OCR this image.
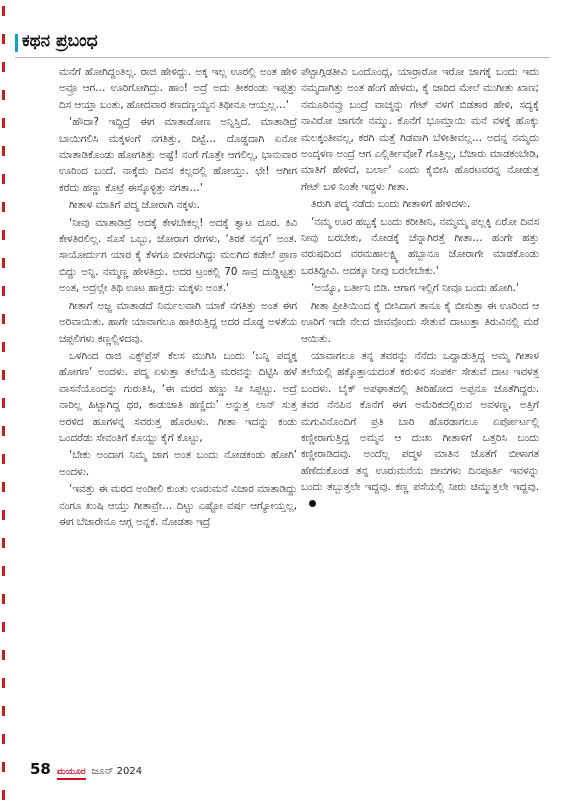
ಕಥನ ಪ್ರಬಂಧ

ಮನೆಗೆ ಹೋಗಿದ್ದಂತಿಲ್ಲ. ರಾಜಿ ಹೇಳಿದ್ದು. ಅಕ್ಕ ಇಲ್ಲ ಊರಲ್ಲಿ ಅಂತ ಹೇಳಿ ಅವ್ರೂ ಆಗ… ಊರಿಗೋಗಿದ್ರು. ಹಾಂ! ಅದ್ರೆ ಅದು ತೀಕರಂಡು ಇಪ್ಪತ್ತು ದಿಸ ಆಯ್ತಾ ಬಂತು, ಹೋದವಾರ ಕಣದಣ್ಣಯ್ಯನ ತಿಥೀನೂ ಆಯ್ತಲ್ಲ…'

‘ಹೌದಾ? ಇದ್ದಿದ್ರೆ ಈಗ ಮಾತಾಡೋಣ ಅನ್ನಿಸ್ತಿದೆ. ಮಾತಾಡಿದ್ರೆ ಬಾಯಿಗಲಿಸಿ ಮಕ್ಕಳಂಗೆ ನಗತಿತ್ತು, ದಿಟ್ಟೆ… ದೊಡ್ಡದಾಗಿ ಏನೋ ಮಾತಾಡಿಕೊಂಡು ಹೋಗತಿತ್ತು ಅಷ್ಟೆ! ನಂಗೆ ಗೊತ್ತೇ ಆಗಲಿಲ್ಲ, ಭಾನುವಾರ ಊರಿಂದ ಬಂದೆ. ನಾಕ್ಕೆದು ದಿವಸ ಕಲ್ಲದಲ್ಲಿ ಹೋಯ್ತು. ಛೇ! ಆಗೀಗ ಕರೆದು ಹಣ್ಣು ಕೊಟ್ರೆ ಈಸ್ಕೊಳ್ಳಿತ್ತು ನಗತಾ…'

ಗೀತಾಳ ಮಾತಿಗೆ ಪದ್ಮ ಜೋರಾಗಿ ನಕ್ಕಳು.

‘ನೀವು ಮಾತಾಡಿದ್ರೆ ಅದಕ್ಕೆ ಕೇಳಬೇಕಲ್ಲ! ಅದಕ್ಕೆ ತ್ವಾಟ ದೂರ. ಕಿವಿ ಕೇಳತಿರಲಿಲ್ಲ. ಸೊಸೆ ಒಬ್ಬು, ಜೋರಾಗ ರೇಗಳು, ‘ತಿರಕೆ ನನ್ನಗ’ ಅಂತ. ಸಾಯೋರ್ದುಗ ಯಾರ ಕೈ ಕೆಳಗೂ ಬೀಳದಂಗಿದ್ದು ಮಲಗಿದ ಕಡೇಲೆ ಪ್ರಾಣ ಬಿದ್ದು ಅನ್ನಿ. ನಮ್ಮಣ್ಣ ಹೇಳತಿದ್ರು. ಅದರ ಟ್ರಂಕಲ್ಲಿ 70 ಸಾವ್ರ ದುಡ್ಡಿಟ್ಟತ್ತು ಅಂತ, ಅದ್ರಲ್ಲೇ ತಿಥಿ ಊಟ ಹಾಕ್ತಿದ್ರು ಮಕ್ಕಳು ಅಂತ.'

ಗೀತಾಗೆ ಅಜ್ಜ ಮಾತಾಡದೆ ನಿರ್ಮಲವಾಗಿ ಯಾಕೆ ನಗತಿತ್ತು ಅಂತ ಈಗ ಅರಿವಾಯಿತು. ಹಾಗೇ ಯಾವಾಗಲೂ ಹಾಕಿರುತ್ತಿದ್ದ ಅದರ ದೊಡ್ಡ ಅಳತೆಯ ಚಪ್ಪಲಿಗಳು ಕಣ್ಣಲ್ಲಿಳಿದವು.

ಒಳಗಿಂದ ರಾಜಿ ಎಕ್ಸ್‌ಪ್ರೆಸ್ ಕೆಲಸ ಮುಗಿಸಿ ಬಂದು ‘ಬನ್ನಿ ಪದ್ಮಕ್ಕ ಹೋಗಣ’ ಅಂದಳು. ಪದ್ಮ ಏಳುತ್ತಾ ತಲೆಯೆತ್ತಿ ಮರವನ್ನು ದಿಟ್ಟಿಸಿ ಹಳೆ ವಾಸನೆಯೊಂದನ್ನು ಗುರುತಿಸಿ, ‘ಈ ಮರದ ಹಣ್ಣು ಸೀ ಸಿಪ್ಪಟ್ಟು. ಅದ್ರೆ ನಾರಿಲ್ಲ ಹಿಟ್ಟಾಗಿದ್ದ ಥರ, ಕಾಡುಜಾತಿ ಹಣ್ಣಿದು’ ಅನ್ನುತ್ತ ಲಾನ್ ಸುತ್ತ ಅರಳಿದ ಹೂಗಳನ್ನ ಸವರುತ್ತ ಹೊರಟಳು. ಗೀತಾ ಇದನ್ನು ಕಂಡು ಒಂದರೆಡು ಸೇವಂತಿಗೆ ಕೊಯ್ದು ಕೈಗೆ ಕೊಟ್ಟು,

‘ಬೇಕು ಅಂದಾಗ ನಿಮ್ಮ ಜಾಗ ಅಂತ ಬಂದು ನೋಡಕಂಡು ಹೋಗಿ’ ಅಂದಳು.

‘ಇವತ್ತು ಈ ಮರದ ಅಂಡೀಲಿ ಕುಂತು ಊರುಮನೆ ವಿಚಾರ ಮಾತಾಡಿದ್ದು ನಂಗೂ ಖುಷಿ ಆಯ್ತು ಗೀತಾವ್ರೇ… ದಿಟ್ಟು ಎಷ್ಟೋ ವರ್ಷ ಆಗ್ಯೋಯ್ತಲ್ಲ, ಈಗ ಬೆಜಾರೇನೂ ಆಗ್ಲ ಅನ್ನಕೆ. ನೋಡತಾ ಇದ್ರೆ

ಪೆಟ್ಟಾಗ್ಗಿಡತೀವಿ ಒಂದೊಂದ್ಲ, ಯಾರ್ರಾರೋ ಇರೋ ಜಾಗಕ್ಕೆ ಬಂದು ಇದು ನಮ್ಮದಾಗಿತ್ತು ಅಂತ ಹೆಂಗೆ ಹೇಳದು, ಕೈ ಜಾರಿದ ಮೇಲೆ ಮುಗೀತು ಖಾಣ; ನಮೂರಿನವ್ರು ಬಂದ್ರೆ ವಾಚ್ಮನ್ನು ಗೇಟ್ ವಳಗೆ ಬಿಡತಾರ ಹೇಳಿ, ಸದ್ಯಕ್ಕೆ ನಾವಿರೋ ಜಾಗನೇ ನಮ್ಮು. ಕೊನೆಗೆ ಭೂಮ್ತಾಯಿ ಮನೆ ವಳಕ್ಕೆ ಹೊಕ್ಕು ಮಲಕ್ಕಂತೀವಲ್ಲ, ಕರಗಿ ಮತ್ತೆ ಗಿಡವಾಗಿ ಬೆಳೀತೀವಲ್ಲ… ಅದನ್ನ ನಮ್ಮದು ಅಂದ್ಕಳಣ ಅಂದ್ರೆ ಆಗ ಎಲ್ಲಿರ್ತೀವೋ? ಗೊತ್ತಿಲ್ಲ, ಬೆಜಾರು ಮಾಡಕಂಬೇಡಿ, ಮಾತಿಗೆ ಹೇಳಿದೆ, ಬರ್ಲಾ' ಎಂದು ಕೈಬೀಸಿ ಹೊರಟವರನ್ನ ನೋಡುತ್ತ ಗೇಟ್ ಬಳಿ ನಿಂತೇ ಇದ್ದಳು ಗೀತಾ.

ತಿರುಗಿ ಪದ್ಮ ನಡೆದು ಬಂದು ಗೀತಾಳಿಗೆ ಹೇಳಿದಳು.

‘ನಮ್ಮ ಊರ ಹಬ್ಬಕ್ಕೆ ಬಂದು ಕರೀತೀನಿ, ನಮ್ಮಮ್ಮ ಪಲ್ಲಕ್ಕಿ ಏರೋ ದಿವಸ ನೀವು ಬರಬೇಕು, ನೋಡಕ್ಕೆ ಚೆನ್ನಾಗಿರತ್ತೆ ಗೀತಾ… ಹಂಗೇ ಹತ್ತು ವರುಷದಿಂದ ವರಮಹಾಲಕ್ಷ್ಮಿ ಹಬ್ಬಾನೂ ಜೋರಾಗೇ ಮಾಡಕೊಂಡು ಬರತಿದ್ದೀವಿ. ಅದಕ್ಕೂ ನೀವು ಬರಲೇಬೇಕು.'

‘ಅಯ್ಯೊ, ಬರ್ತೀನಿ ಬಿಡಿ. ಆಗಾಗ ಇಲ್ಲಿಗೆ ನೀವೂ ಬಂದು ಹೋಗಿ.'

ಗೀತಾ ಪ್ರೀತಿಯಿಂದ ಕೈ ಬೀಸಿದಾಗ ತಾನೂ ಕೈ ಬೀಸುತ್ತಾ ಈ ಊರಿಂದ ಆ ಊರಿಗೆ ಇದೇ ನೆಲದ ಜೀವವೊಂದು ಸೇತುವೆ ದಾಟುತ್ತಾ ತಿರುವಿನಲ್ಲಿ ಮರೆ ಆಯಿತು.

ಯಾವಾಗಲೂ ತನ್ನ ತವರನ್ನು ನೆನೆದು ಒದ್ದಾಡುತ್ತಿದ್ದ ಅಮ್ಮ ಗೀತಾಳ ತಲೆಯಲ್ಲಿ ಹಕ್ಕೊತ್ತಾಯದಂತೆ ಕರುಳಿನ ಸಂಪರ್ಕ ಸೇತುವೆ ದಾಟ ಇವಳತ್ತ ಬಂದಳು. ಬೈಕ್ ಅಪಘಾತದಲ್ಲಿ ತೀರಿಹೋದ ಅಪ್ಪನೂ ಜೊತೆಗಿದ್ದರು. ತವರ ನೆನಪಿನ ಕೊನೆಗೆ ಈಗ ಅಮೆರಿಕದಲ್ಲಿರುವ ಅವಳಣ್ಣ, ಅತ್ತಿಗೆ ಮಗುವಿನೊಂದಿಗೆ ಪ್ರತಿ ಬಾರಿ ಹೊರಡಾಗಲೂ ಏರ್ಪೋರ್ಟಲ್ಲಿ ಕಣ್ಣೀರಾಗುತ್ತಿದ್ದ ಅಮ್ಮನ ಆ ದುಃಖ ಗೀತಾಳಿಗೆ ಒತ್ತರಿಸಿ ಬಂದು ಕಣ್ಣೀರಾಡಿದವು. ಅಂದೆಲ್ಲ ಪದ್ಮಳ ಮಾತಿನ ಜೊತೆಗೆ ಬೀಳಾಗತ ಹೆಣೆದುಕೊಂಡ ತನ್ನ ಊರುಮನೆಯ ಜೀವಗಳು ದಿನಪೂರ್ತಿ ಇವಳನ್ನು ಬಂದು ತಬ್ಬುತ್ತಲೇ ಇದ್ದವು. ಕಣ್ಣ ಪಸೆಯಲ್ಲಿ ನೀರು ಚಿಮ್ಮುತ್ತಲೇ ಇದ್ದವು.

58 ಮಯೂರ ಜೂನ್ 2024
